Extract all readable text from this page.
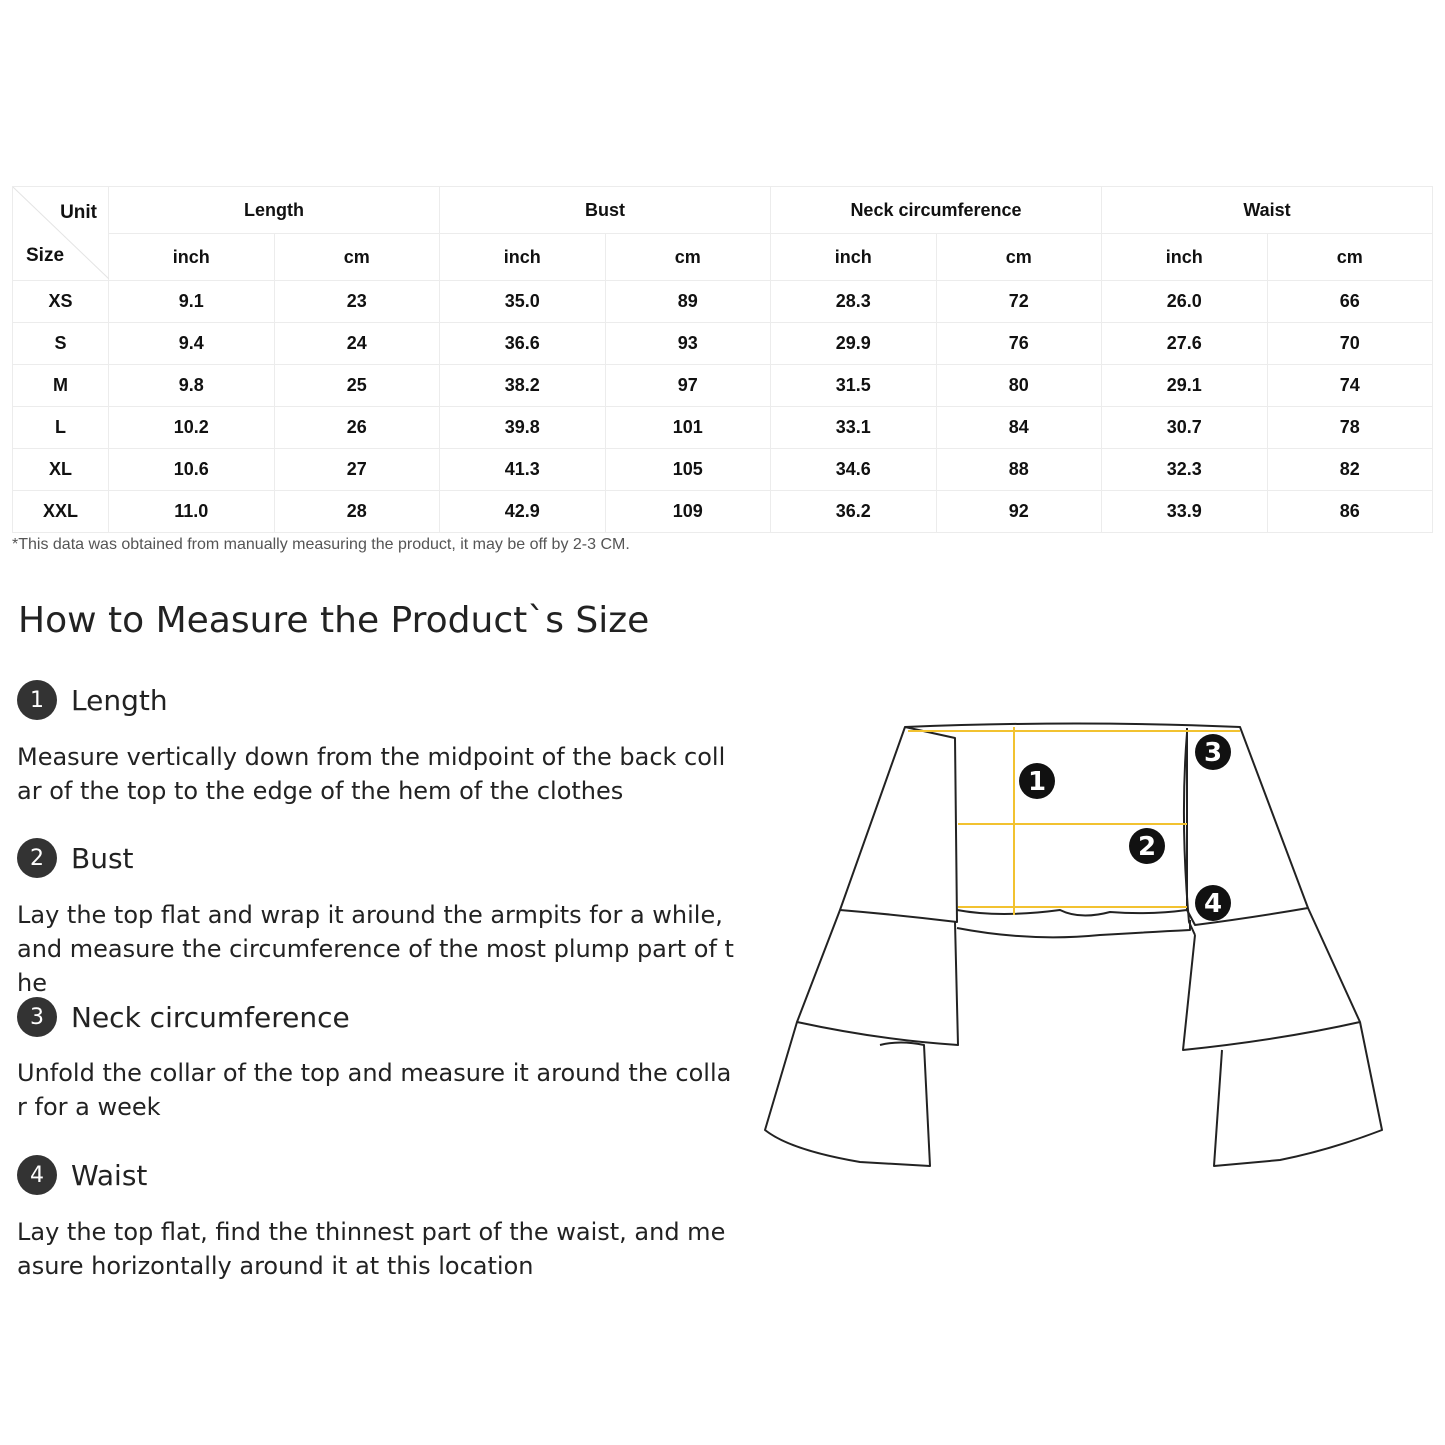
Unit
Size	Length		Bust		Neck circumference		Waist	
	inch	cm	inch	cm	inch	cm	inch	cm
XS	9.1	23	35.0	89	28.3	72	26.0	66
S	9.4	24	36.6	93	29.9	76	27.6	70
M	9.8	25	38.2	97	31.5	80	29.1	74
L	10.2	26	39.8	101	33.1	84	30.7	78
XL	10.6	27	41.3	105	34.6	88	32.3	82
XXL	11.0	28	42.9	109	36.2	92	33.9	86
*This data was obtained from manually measuring the product, it may be off by 2-3 CM.
How to Measure the Product`s Size
1 Length
Measure vertically down from the midpoint of the back collar of the top to the edge of the hem of the clothes
2 Bust
Lay the top flat and wrap it around the armpits for a while, and measure the circumference of the most plump part of the
3 Neck circumference
Unfold the collar of the top and measure it around the collar for a week
4 Waist
Lay the top flat, find the thinnest part of the waist, and measure horizontally around it at this location
1
2
3
4
